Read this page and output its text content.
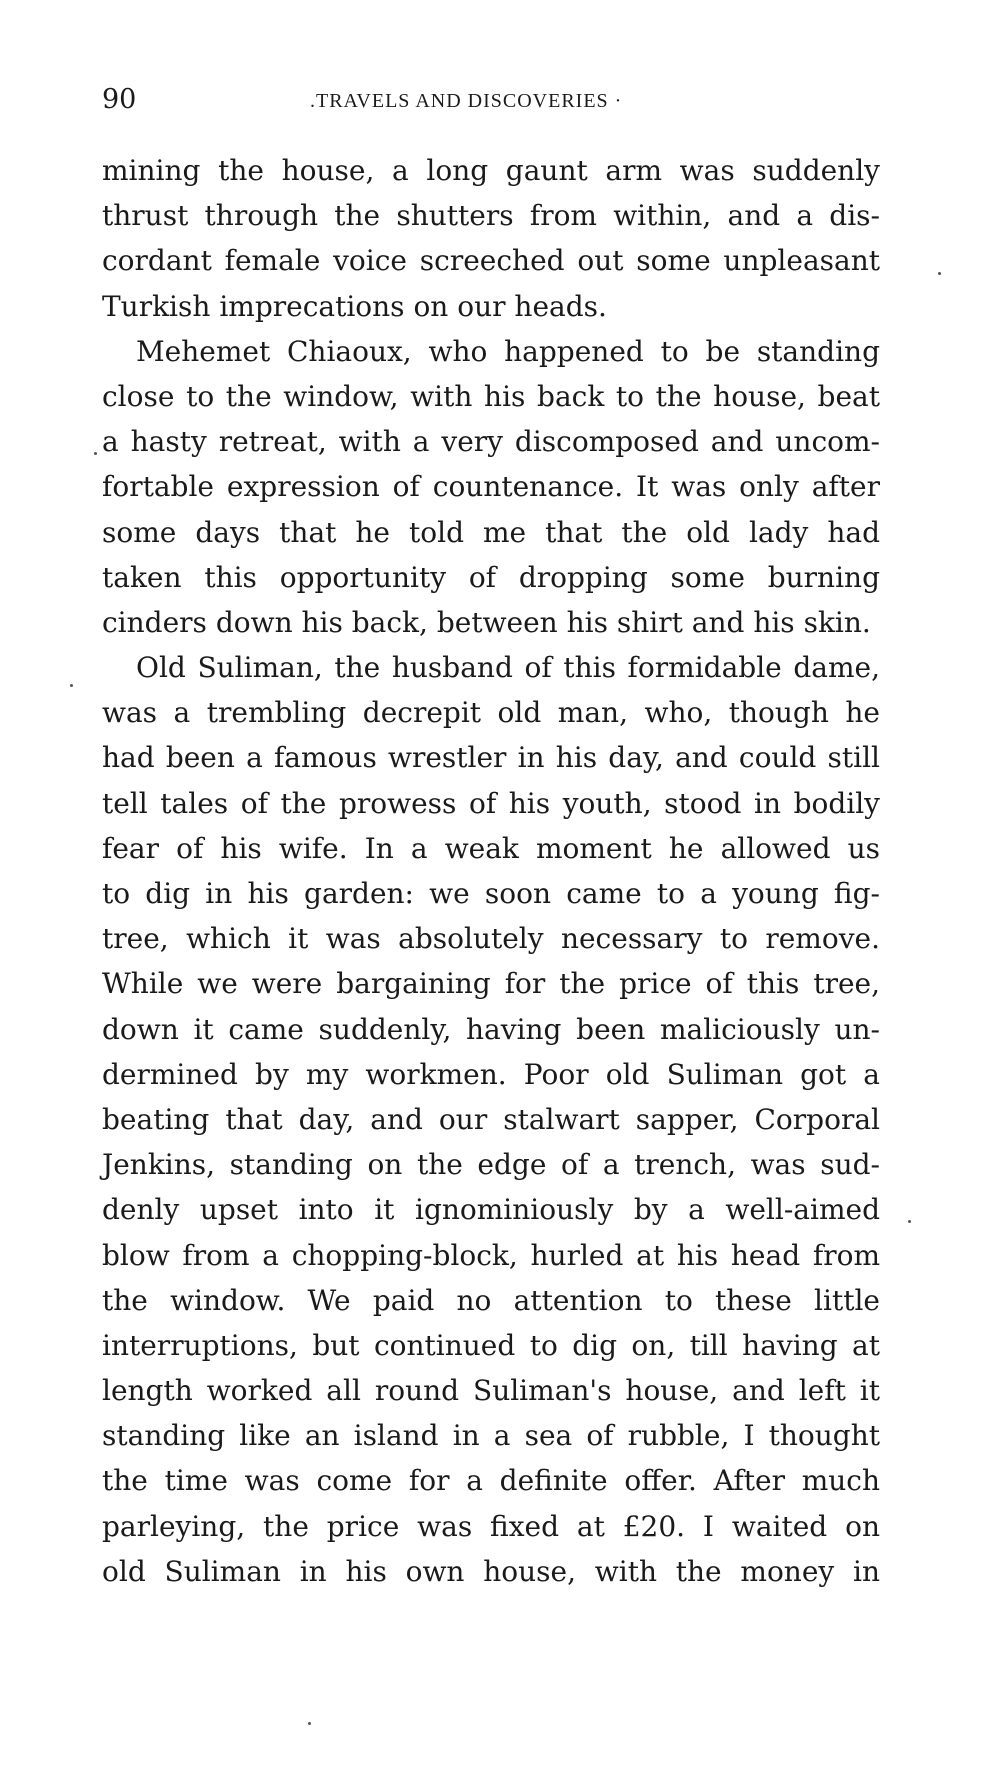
90	.TRAVELS AND DISCOVERIES ·
mining the house, a long gaunt arm was suddenly
thrust through the shutters from within, and a dis-
cordant female voice screeched out some unpleasant
Turkish imprecations on our heads.
Mehemet Chiaoux, who happened to be standing
close to the window, with his back to the house, beat
a hasty retreat, with a very discomposed and uncom-
fortable expression of countenance. It was only after
some days that he told me that the old lady had
taken this opportunity of dropping some burning
cinders down his back, between his shirt and his skin.
Old Suliman, the husband of this formidable dame,
was a trembling decrepit old man, who, though he
had been a famous wrestler in his day, and could still
tell tales of the prowess of his youth, stood in bodily
fear of his wife. In a weak moment he allowed us
to dig in his garden: we soon came to a young fig-
tree, which it was absolutely necessary to remove.
While we were bargaining for the price of this tree,
down it came suddenly, having been maliciously un-
dermined by my workmen. Poor old Suliman got a
beating that day, and our stalwart sapper, Corporal
Jenkins, standing on the edge of a trench, was sud-
denly upset into it ignominiously by a well-aimed
blow from a chopping-block, hurled at his head from
the window. We paid no attention to these little
interruptions, but continued to dig on, till having at
length worked all round Suliman's house, and left it
standing like an island in a sea of rubble, I thought
the time was come for a definite offer. After much
parleying, the price was fixed at £20. I waited on
old Suliman in his own house, with the money in
